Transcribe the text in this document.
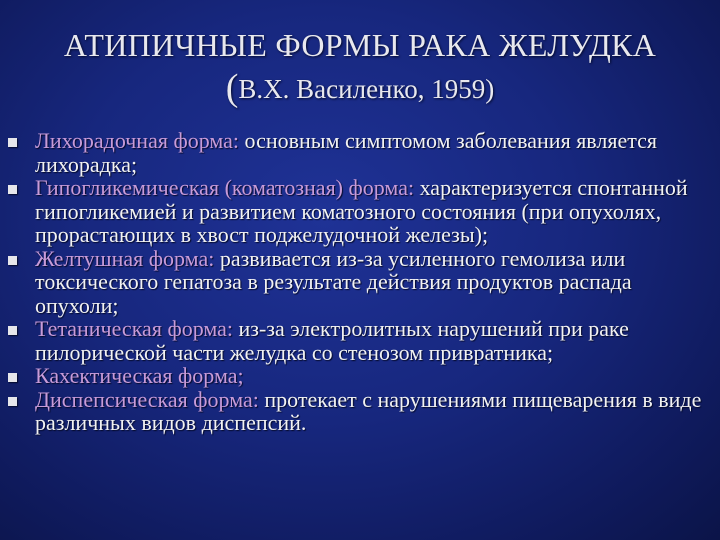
АТИПИЧНЫЕ ФОРМЫ РАКА ЖЕЛУДКА
(В.Х. Василенко, 1959)
Лихорадочная форма: основным симптомом заболевания является лихорадка;
Гипогликемическая (коматозная) форма: характеризуется спонтанной гипогликемией и развитием коматозного состояния (при опухолях, прорастающих в хвост поджелудочной железы);
Желтушная форма: развивается из-за усиленного гемолиза или токсического гепатоза в результате действия продуктов распада опухоли;
Тетаническая форма: из-за электролитных нарушений при раке пилорической части желудка со стенозом привратника;
Кахектическая форма;
Диспепсическая форма: протекает с нарушениями пищеварения в виде различных видов диспепсий.
